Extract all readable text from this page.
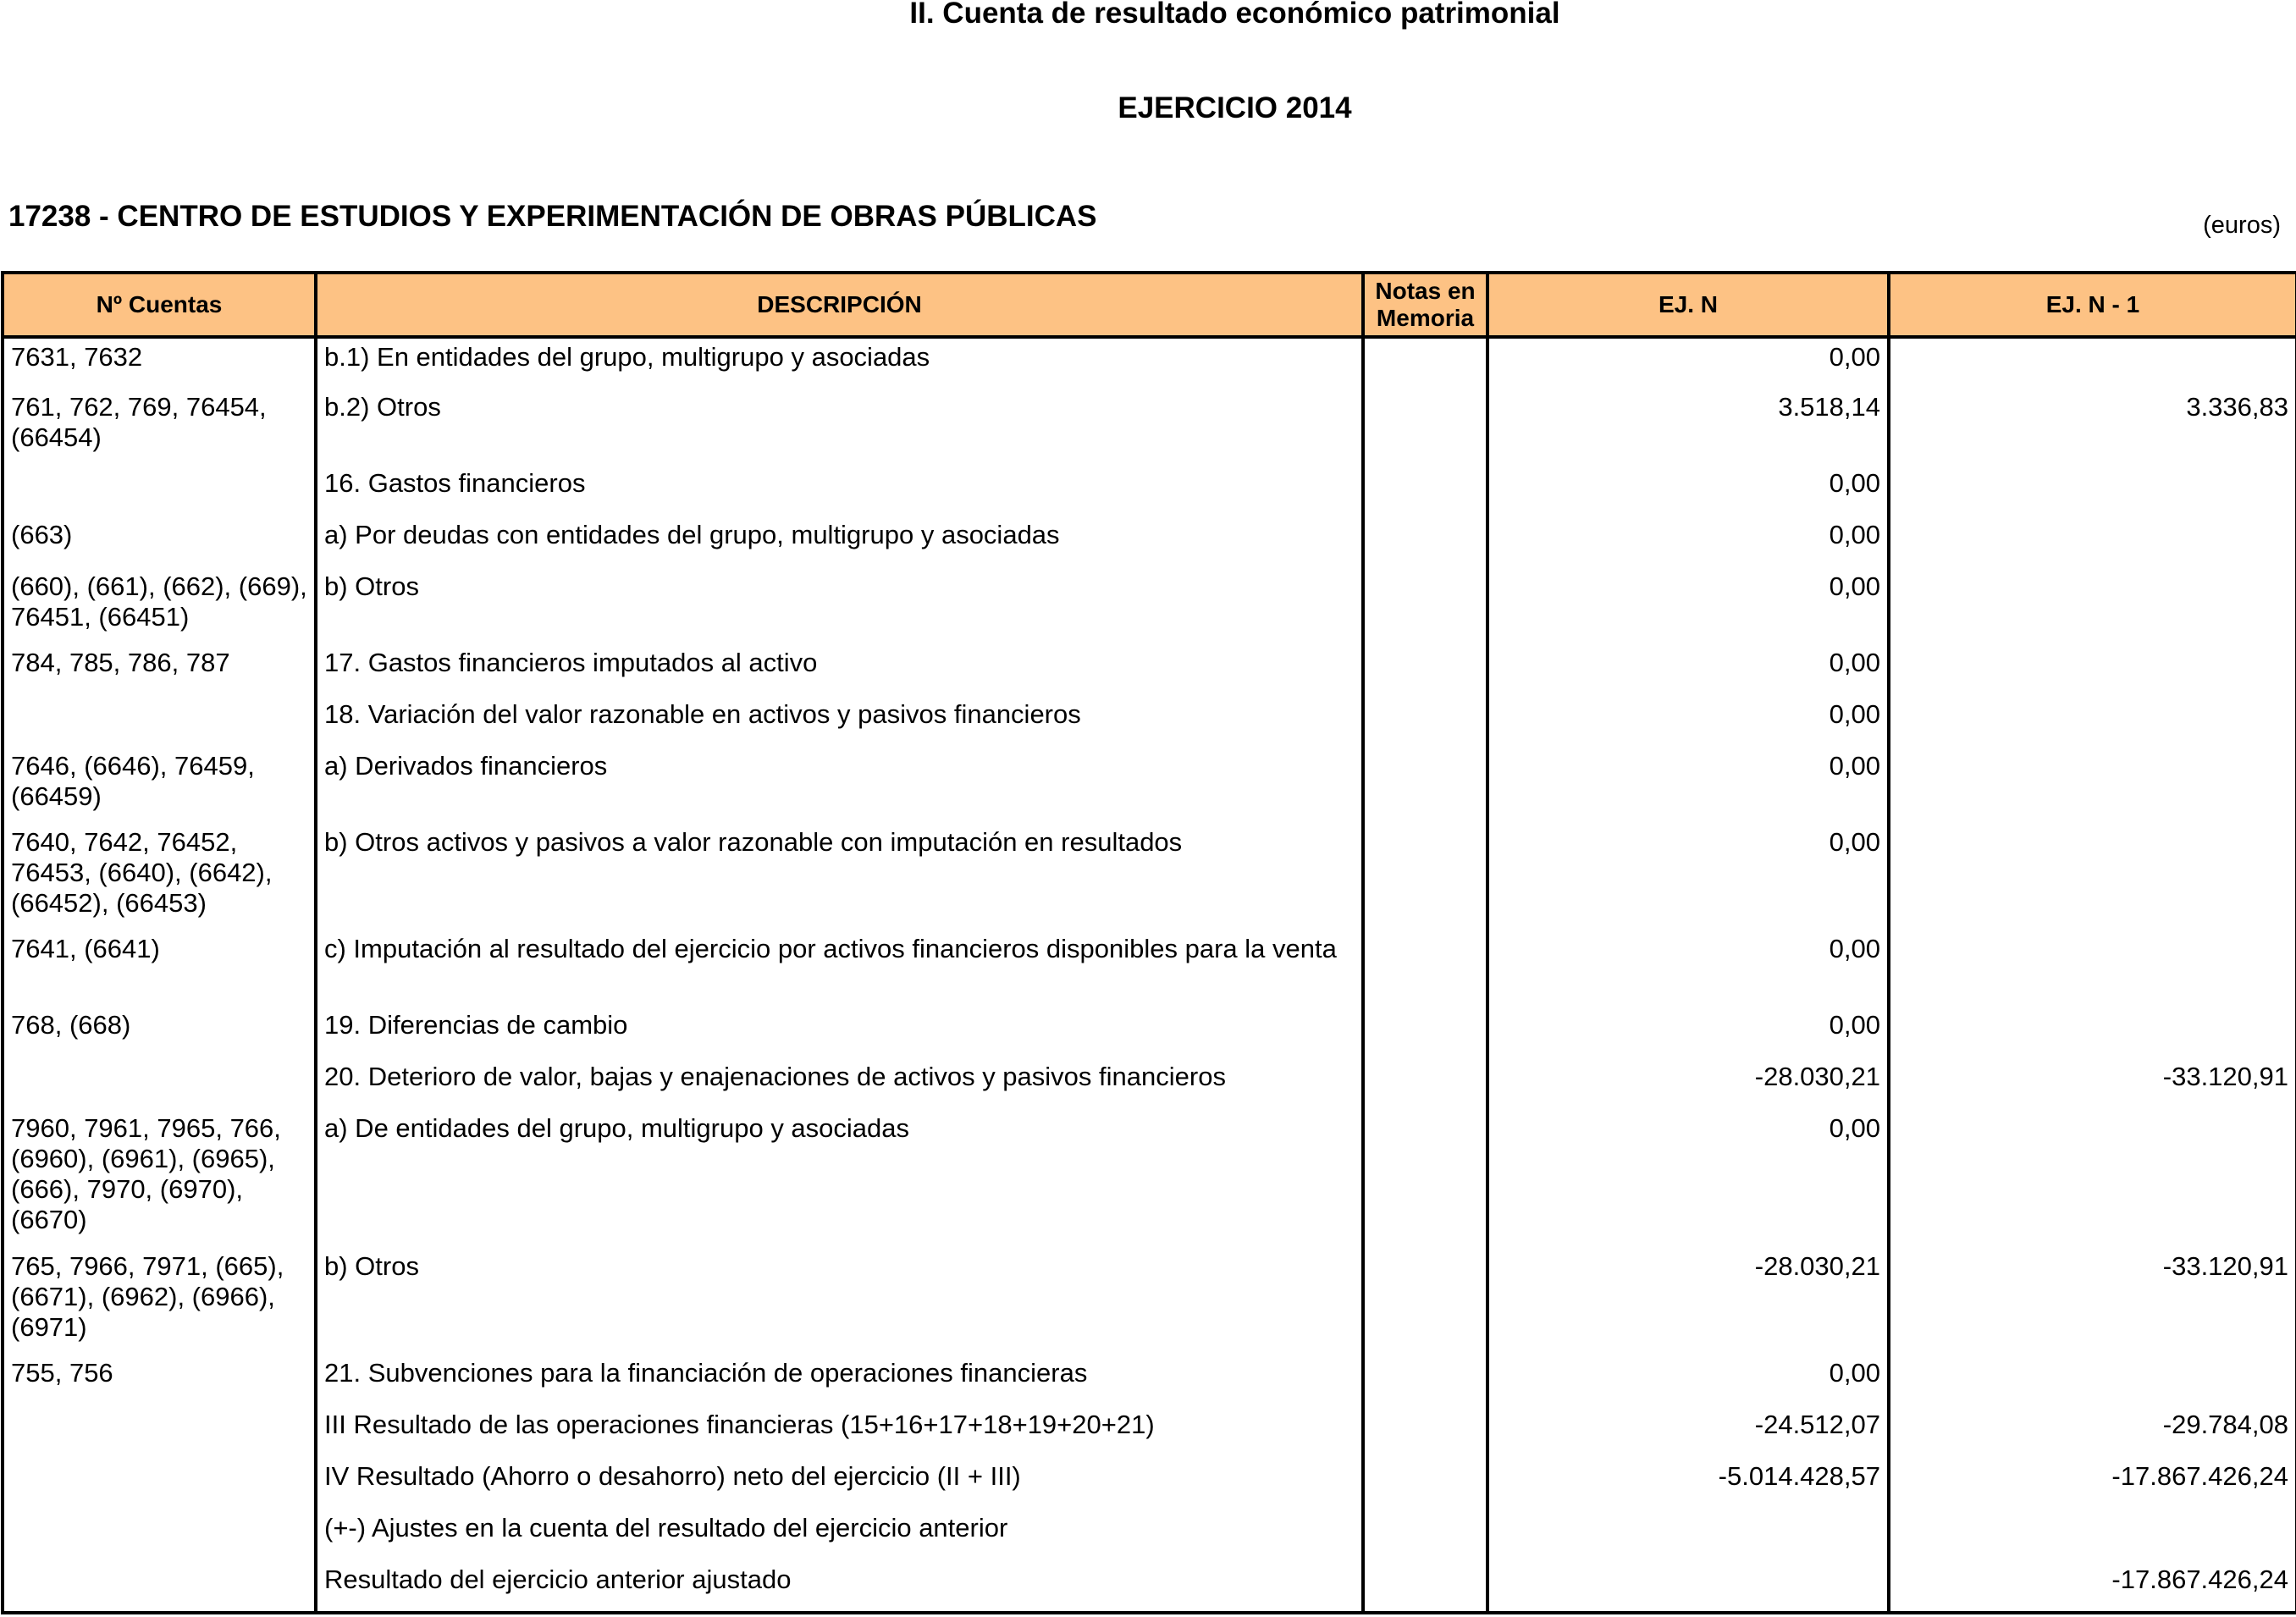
II. Cuenta de resultado económico patrimonial
EJERCICIO 2014
17238 - CENTRO DE ESTUDIOS Y EXPERIMENTACIÓN DE OBRAS PÚBLICAS	(euros)
Nº Cuentas	DESCRIPCIÓN	Notas en Memoria	EJ. N	EJ. N - 1
7631, 7632	b.1) En entidades del grupo, multigrupo y asociadas		0,00	
761, 762, 769, 76454, (66454)	b.2) Otros		3.518,14	3.336,83
	16. Gastos financieros		0,00	
(663)	a) Por deudas con entidades del grupo, multigrupo y asociadas		0,00	
(660), (661), (662), (669), 76451, (66451)	b) Otros		0,00	
784, 785, 786, 787	17. Gastos financieros imputados al activo		0,00	
	18. Variación del valor razonable en activos y pasivos financieros		0,00	
7646, (6646), 76459, (66459)	a) Derivados financieros		0,00	
7640, 7642, 76452, 76453, (6640), (6642), (66452), (66453)	b) Otros activos y pasivos a valor razonable con imputación en resultados		0,00	
7641, (6641)	c) Imputación al resultado del ejercicio por activos financieros disponibles para la venta		0,00	
768, (668)	19. Diferencias de cambio		0,00	
	20. Deterioro de valor, bajas y enajenaciones de activos y pasivos financieros		-28.030,21	-33.120,91
7960, 7961, 7965, 766, (6960), (6961), (6965), (666), 7970, (6970), (6670)	a) De entidades del grupo, multigrupo y asociadas		0,00	
765, 7966, 7971, (665), (6671), (6962), (6966), (6971)	b) Otros		-28.030,21	-33.120,91
755, 756	21. Subvenciones para la financiación de operaciones financieras		0,00	
	III Resultado de las operaciones financieras (15+16+17+18+19+20+21)		-24.512,07	-29.784,08
	IV Resultado (Ahorro o desahorro) neto del ejercicio (II + III)		-5.014.428,57	-17.867.426,24
	(+-) Ajustes en la cuenta del resultado del ejercicio anterior			
	Resultado del ejercicio anterior ajustado			-17.867.426,24
